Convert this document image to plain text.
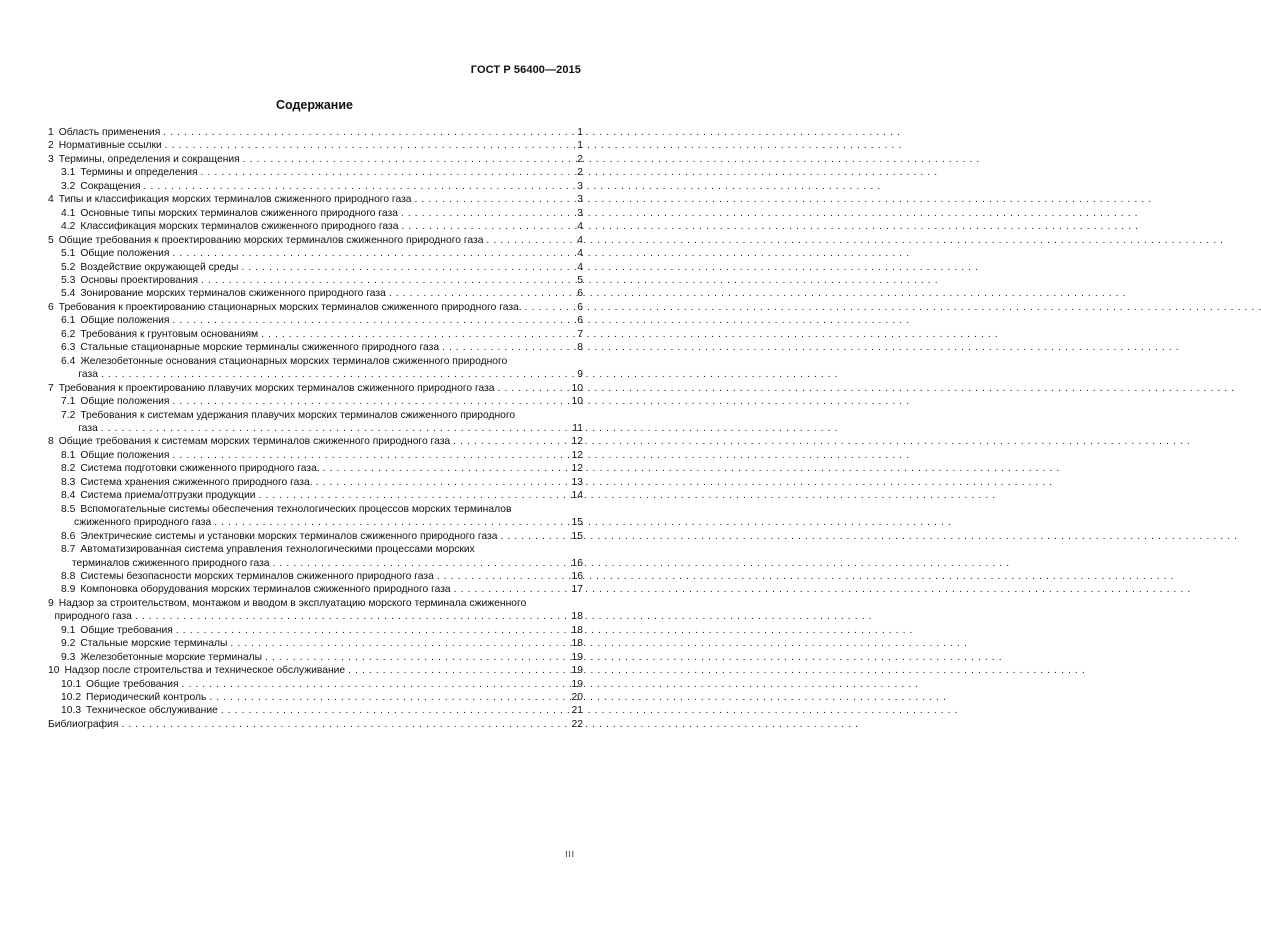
ГОСТ Р 56400—2015
Содержание
1 Область применения . . .	1
2 Нормативные ссылки . . .	1
3 Термины, определения и сокращения . . .	2
3.1 Термины и определения . . .	2
3.2 Сокращения . . .	3
4 Типы и классификация морских терминалов сжиженного природного газа . . .	3
4.1 Основные типы морских терминалов сжиженного природного газа . . .	3
4.2 Классификация морских терминалов сжиженного природного газа . . .	4
5 Общие требования к проектированию морских терминалов сжиженного природного газа . . .	4
5.1 Общие положения . . .	4
5.2 Воздействие окружающей среды . . .	4
5.3 Основы проектирования . . .	5
5.4 Зонирование морских терминалов сжиженного природного газа . . .	6
6 Требования к проектированию стационарных морских терминалов сжиженного природного газа. . . .	6
6.1 Общие положения . . .	6
6.2 Требования к грунтовым основаниям . . .	7
6.3 Стальные стационарные морские терминалы сжиженного природного газа . . .	8
6.4 Железобетонные основания стационарных морских терминалов сжиженного природного
газа . . .	9
7 Требования к проектированию плавучих морских терминалов сжиженного природного газа . . .	10
7.1 Общие положения . . .	10
7.2 Требования к системам удержания плавучих морских терминалов сжиженного природного
газа . . .	11
8 Общие требования к системам морских терминалов сжиженного природного газа . . .	12
8.1 Общие положения . . .	12
8.2 Система подготовки сжиженного природного газа. . . .	12
8.3 Система хранения сжиженного природного газа. . . .	13
8.4 Система приема/отгрузки продукции . . .	14
8.5 Вспомогательные системы обеспечения технологических процессов морских терминалов
сжиженного природного газа . . .	15
8.6 Электрические системы и установки морских терминалов сжиженного природного газа . . .	15
8.7 Автоматизированная система управления технологическими процессами морских
терминалов сжиженного природного газа . . .	16
8.8 Системы безопасности морских терминалов сжиженного природного газа . . .	16
8.9 Компоновка оборудования морских терминалов сжиженного природного газа . . .	17
9 Надзор за строительством, монтажом и вводом в эксплуатацию морского терминала сжиженного
природного газа . . .	18
9.1 Общие требования . . .	18
9.2 Стальные морские терминалы . . .	18
9.3 Железобетонные морские терминалы . . .	19
10 Надзор после строительства и техническое обслуживание . . .	19
10.1 Общие требования . . .	19
10.2 Периодический контроль . . .	20
10.3 Техническое обслуживание . . .	21
Библиография . . .	22
III
